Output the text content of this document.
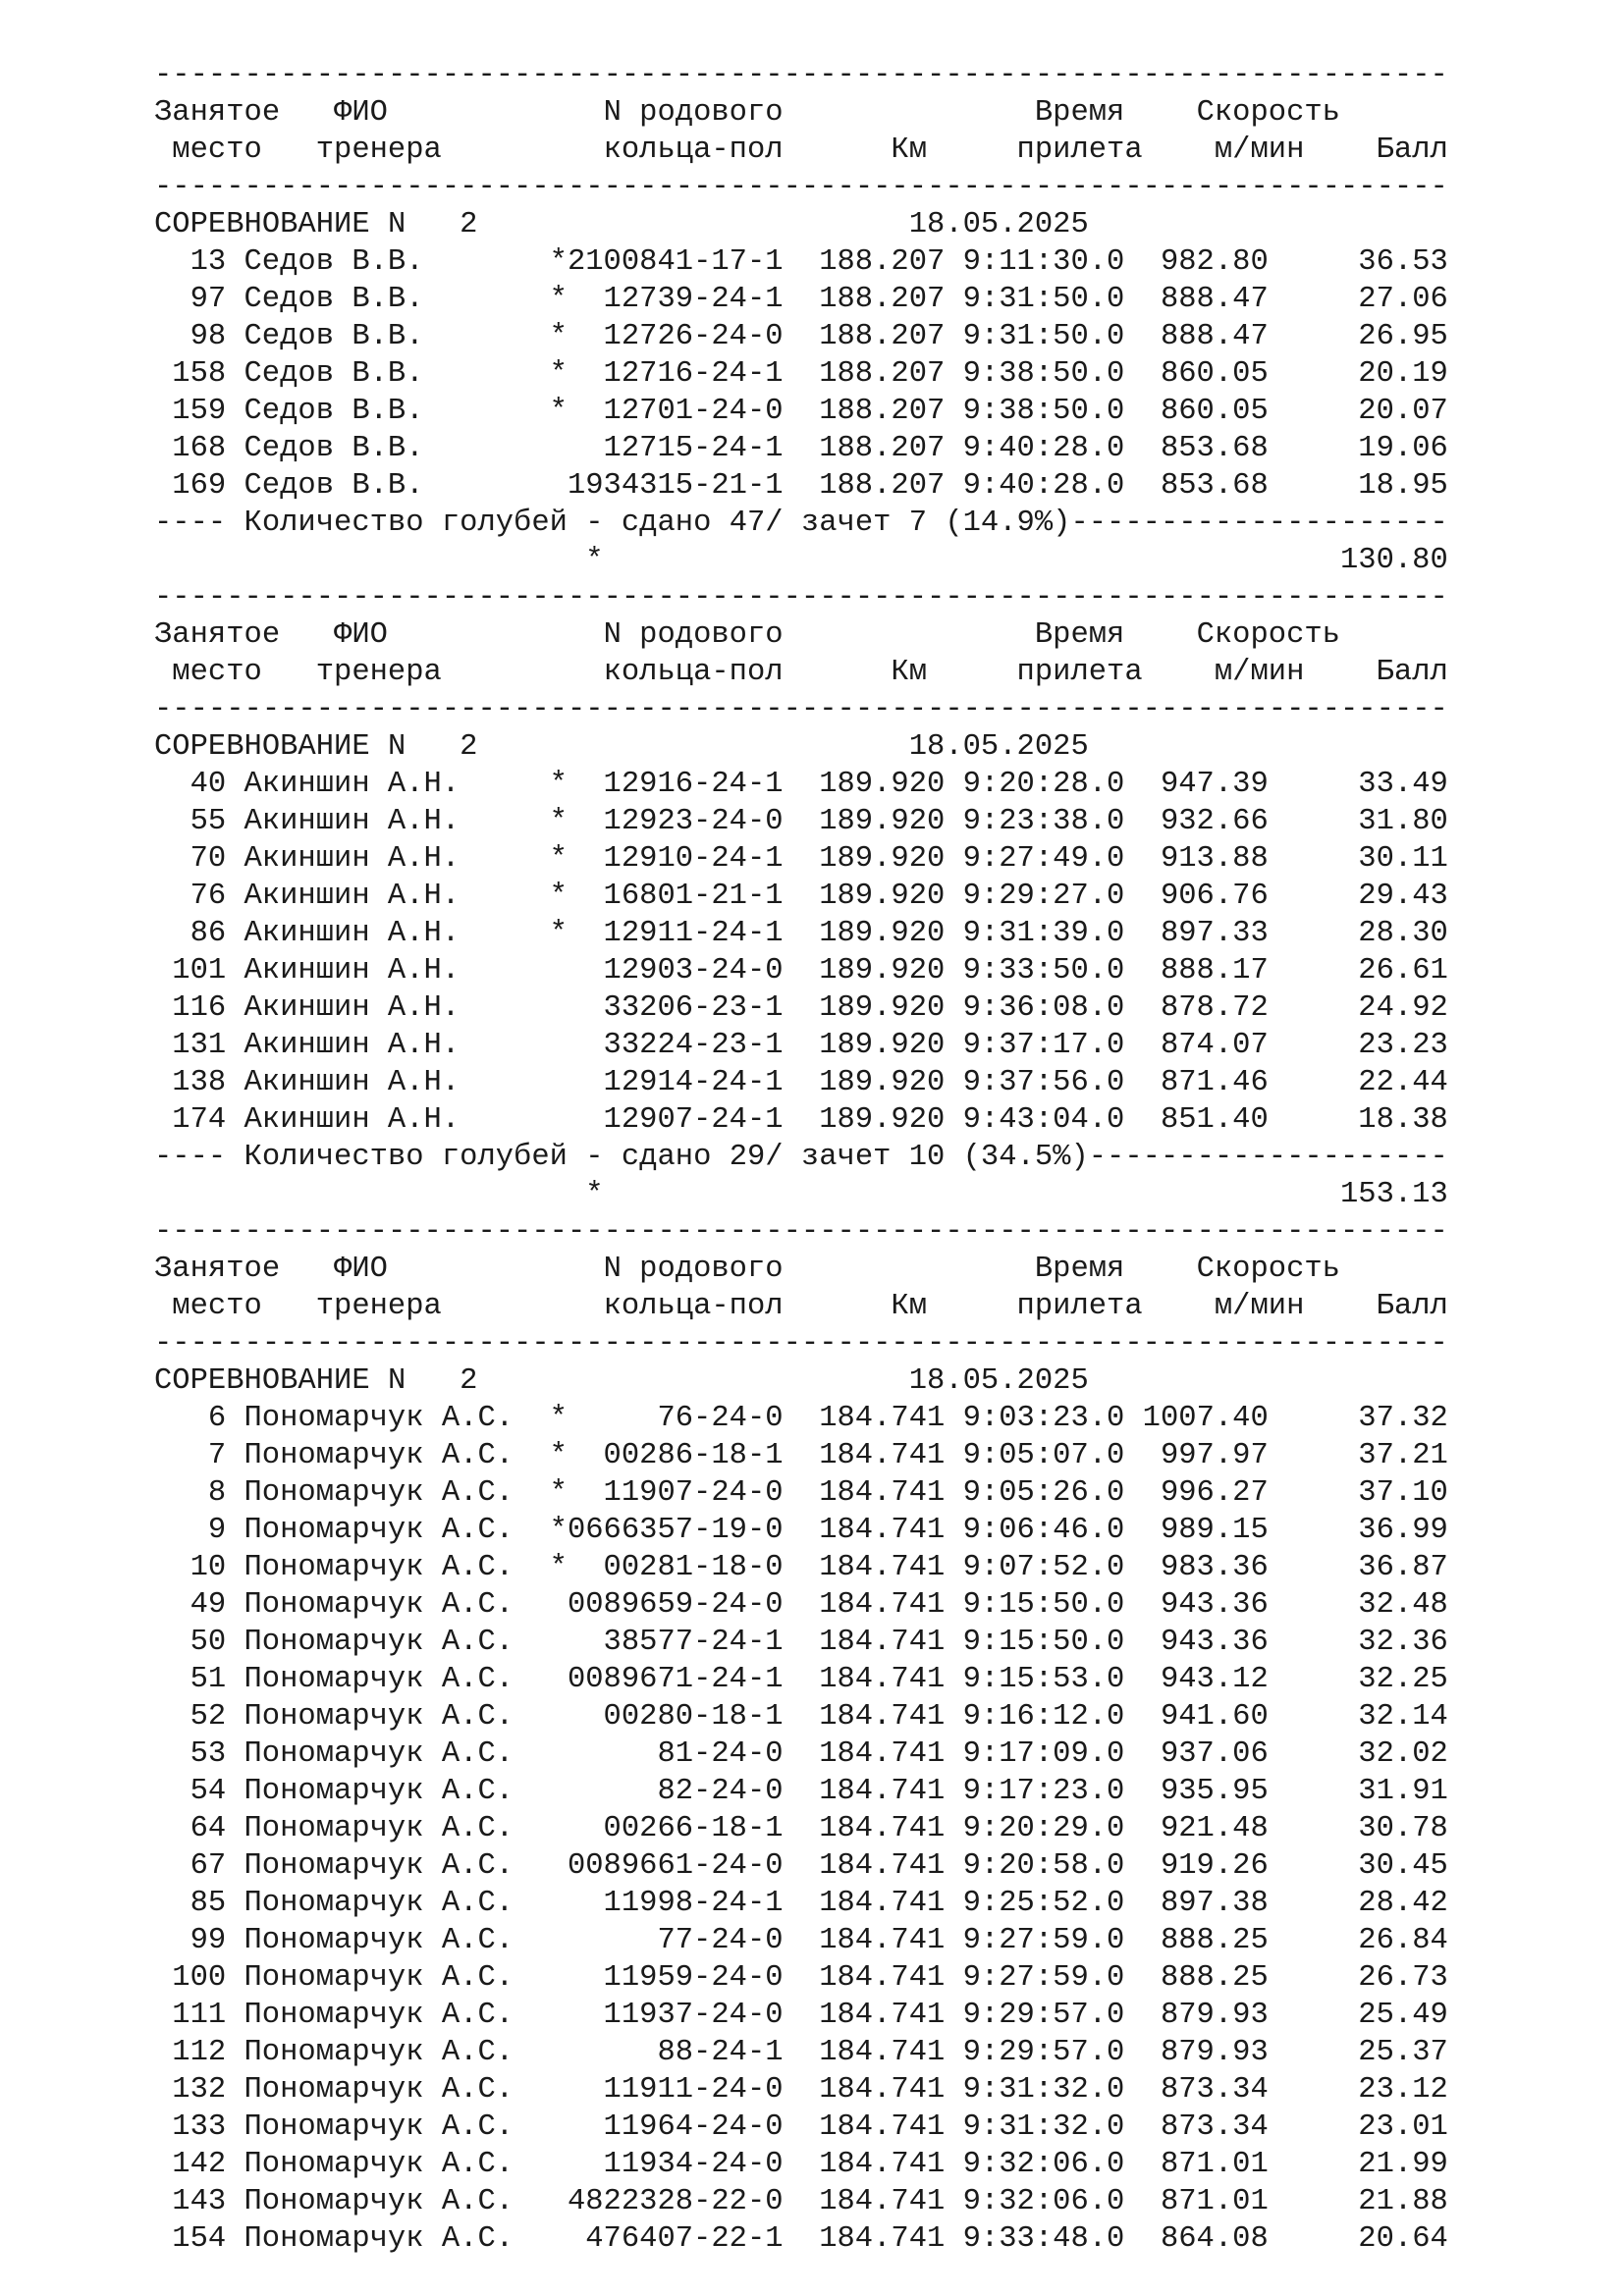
------------------------------------------------------------------------
Занятое	ФИО	N родового	Время	Скорость
место	тренера	кольца-пол	Км	прилета	м/мин	Балл
------------------------------------------------------------------------
СОРЕВНОВАНИЕ N 2	18.05.2025
13 Седов В.В.	* 2100841-17-1 188.207 9:11:30.0	982.80	36.53
97 Седов В.В.	*	12739-24-1 188.207 9:31:50.0	888.47	27.06
98 Седов В.В.	*	12726-24-0 188.207 9:31:50.0	888.47	26.95
158 Седов В.В.	*	12716-24-1 188.207 9:38:50.0	860.05	20.19
159 Седов В.В.	*	12701-24-0 188.207 9:38:50.0	860.05	20.07
168 Седов В.В.	12715-24-1 188.207 9:40:28.0	853.68	19.06
169 Седов В.В.	1934315-21-1 188.207 9:40:28.0	853.68	18.95
---- Количество голубей - сдано 47/ зачет 7 (14.9%) ---------------------
*	130.80
------------------------------------------------------------------------
Занятое	ФИО	N родового	Время	Скорость
место	тренера	кольца-пол	Км	прилета	м/мин	Балл
------------------------------------------------------------------------
СОРЕВНОВАНИЕ N 2	18.05.2025
40 Акиншин А.Н.	*	12916-24-1 189.920 9:20:28.0	947.39	33.49
55 Акиншин А.Н.	*	12923-24-0 189.920 9:23:38.0	932.66	31.80
70 Акиншин А.Н.	*	12910-24-1 189.920 9:27:49.0	913.88	30.11
76 Акиншин А.Н.	*	16801-21-1 189.920 9:29:27.0	906.76	29.43
86 Акиншин А.Н.	*	12911-24-1 189.920 9:31:39.0	897.33	28.30
101 Акиншин А.Н.	12903-24-0 189.920 9:33:50.0	888.17	26.61
116 Акиншин А.Н.	33206-23-1 189.920 9:36:08.0	878.72	24.92
131 Акиншин А.Н.	33224-23-1 189.920 9:37:17.0	874.07	23.23
138 Акиншин А.Н.	12914-24-1 189.920 9:37:56.0	871.46	22.44
174 Акиншин А.Н.	12907-24-1 189.920 9:43:04.0	851.40	18.38
---- Количество голубей - сдано 29/ зачет 10 (34.5%) --------------------
*	153.13
------------------------------------------------------------------------
Занятое	ФИО	N родового	Время	Скорость
место	тренера	кольца-пол	Км	прилета	м/мин	Балл
------------------------------------------------------------------------
СОРЕВНОВАНИЕ N 2	18.05.2025
6 Пономарчук А.С.	*	76-24-0 184.741 9:03:23.0 1007.40	37.32
7 Пономарчук А.С.	*	00286-18-1 184.741 9:05:07.0	997.97	37.21
8 Пономарчук А.С.	*	11907-24-0 184.741 9:05:26.0	996.27	37.10
9 Пономарчук А.С.	* 0666357-19-0 184.741 9:06:46.0	989.15	36.99
10 Пономарчук А.С.	*	00281-18-0 184.741 9:07:52.0	983.36	36.87
49 Пономарчук А.С.	0089659-24-0 184.741 9:15:50.0	943.36	32.48
50 Пономарчук А.С.	38577-24-1 184.741 9:15:50.0	943.36	32.36
51 Пономарчук А.С.	0089671-24-1 184.741 9:15:53.0	943.12	32.25
52 Пономарчук А.С.	00280-18-1 184.741 9:16:12.0	941.60	32.14
53 Пономарчук А.С.	81-24-0 184.741 9:17:09.0	937.06	32.02
54 Пономарчук А.С.	82-24-0 184.741 9:17:23.0	935.95	31.91
64 Пономарчук А.С.	00266-18-1 184.741 9:20:29.0	921.48	30.78
67 Пономарчук А.С.	0089661-24-0 184.741 9:20:58.0	919.26	30.45
85 Пономарчук А.С.	11998-24-1 184.741 9:25:52.0	897.38	28.42
99 Пономарчук А.С.	77-24-0 184.741 9:27:59.0	888.25	26.84
100 Пономарчук А.С.	11959-24-0 184.741 9:27:59.0	888.25	26.73
111 Пономарчук А.С.	11937-24-0 184.741 9:29:57.0	879.93	25.49
112 Пономарчук А.С.	88-24-1 184.741 9:29:57.0	879.93	25.37
132 Пономарчук А.С.	11911-24-0 184.741 9:31:32.0	873.34	23.12
133 Пономарчук А.С.	11964-24-0 184.741 9:31:32.0	873.34	23.01
142 Пономарчук А.С.	11934-24-0 184.741 9:32:06.0	871.01	21.99
143 Пономарчук А.С.	4822328-22-0 184.741 9:32:06.0	871.01	21.88
154 Пономарчук А.С.	476407-22-1 184.741 9:33:48.0	864.08	20.64
